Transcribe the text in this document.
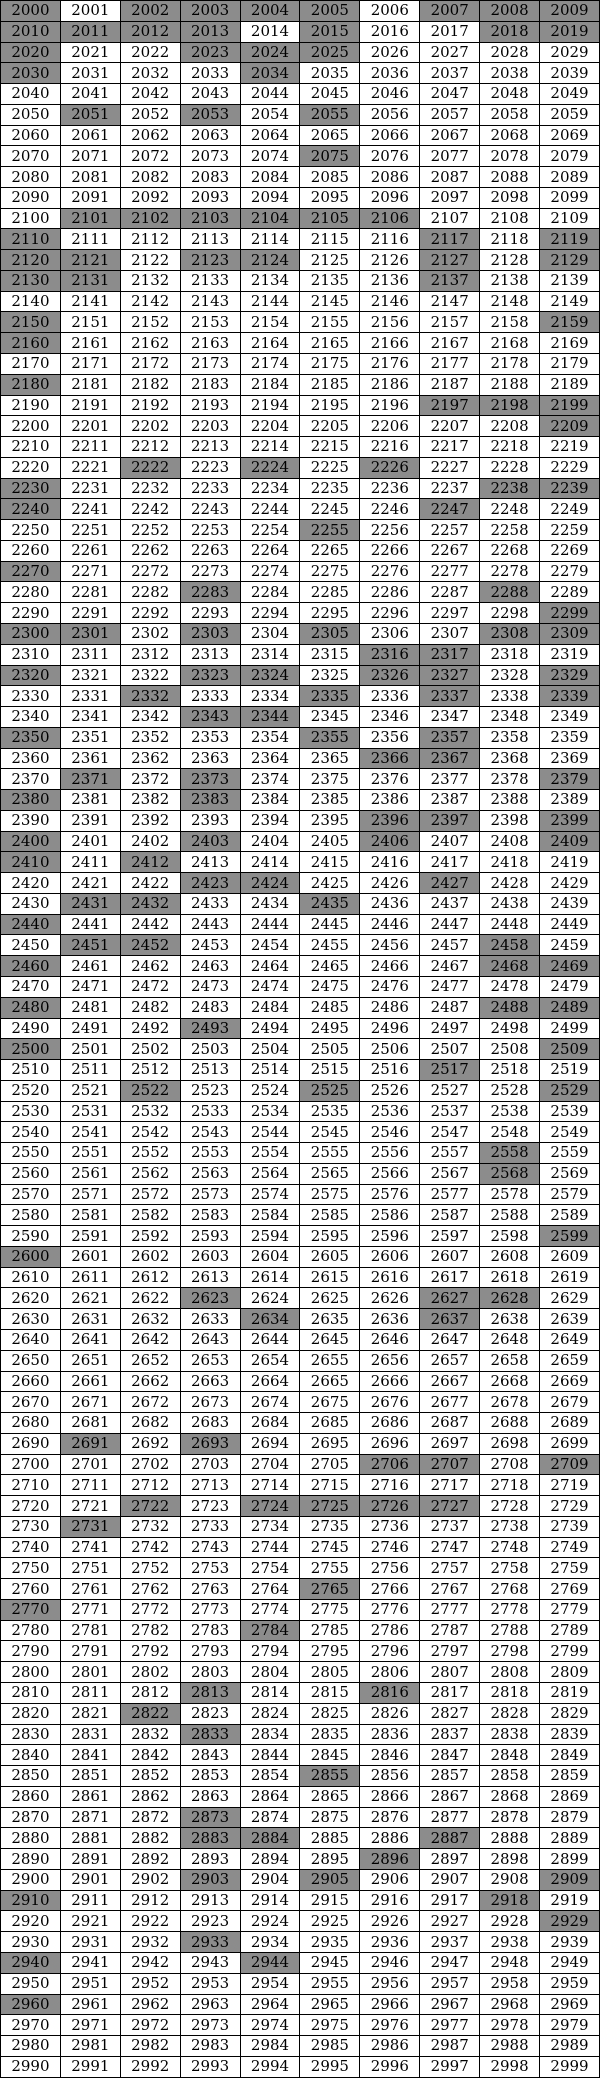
2000	2001	2002	2003	2004	2005	2006	2007	2008	2009
2010	2011	2012	2013	2014	2015	2016	2017	2018	2019
2020	2021	2022	2023	2024	2025	2026	2027	2028	2029
2030	2031	2032	2033	2034	2035	2036	2037	2038	2039
2040	2041	2042	2043	2044	2045	2046	2047	2048	2049
2050	2051	2052	2053	2054	2055	2056	2057	2058	2059
2060	2061	2062	2063	2064	2065	2066	2067	2068	2069
2070	2071	2072	2073	2074	2075	2076	2077	2078	2079
2080	2081	2082	2083	2084	2085	2086	2087	2088	2089
2090	2091	2092	2093	2094	2095	2096	2097	2098	2099
2100	2101	2102	2103	2104	2105	2106	2107	2108	2109
2110	2111	2112	2113	2114	2115	2116	2117	2118	2119
2120	2121	2122	2123	2124	2125	2126	2127	2128	2129
2130	2131	2132	2133	2134	2135	2136	2137	2138	2139
2140	2141	2142	2143	2144	2145	2146	2147	2148	2149
2150	2151	2152	2153	2154	2155	2156	2157	2158	2159
2160	2161	2162	2163	2164	2165	2166	2167	2168	2169
2170	2171	2172	2173	2174	2175	2176	2177	2178	2179
2180	2181	2182	2183	2184	2185	2186	2187	2188	2189
2190	2191	2192	2193	2194	2195	2196	2197	2198	2199
2200	2201	2202	2203	2204	2205	2206	2207	2208	2209
2210	2211	2212	2213	2214	2215	2216	2217	2218	2219
2220	2221	2222	2223	2224	2225	2226	2227	2228	2229
2230	2231	2232	2233	2234	2235	2236	2237	2238	2239
2240	2241	2242	2243	2244	2245	2246	2247	2248	2249
2250	2251	2252	2253	2254	2255	2256	2257	2258	2259
2260	2261	2262	2263	2264	2265	2266	2267	2268	2269
2270	2271	2272	2273	2274	2275	2276	2277	2278	2279
2280	2281	2282	2283	2284	2285	2286	2287	2288	2289
2290	2291	2292	2293	2294	2295	2296	2297	2298	2299
2300	2301	2302	2303	2304	2305	2306	2307	2308	2309
2310	2311	2312	2313	2314	2315	2316	2317	2318	2319
2320	2321	2322	2323	2324	2325	2326	2327	2328	2329
2330	2331	2332	2333	2334	2335	2336	2337	2338	2339
2340	2341	2342	2343	2344	2345	2346	2347	2348	2349
2350	2351	2352	2353	2354	2355	2356	2357	2358	2359
2360	2361	2362	2363	2364	2365	2366	2367	2368	2369
2370	2371	2372	2373	2374	2375	2376	2377	2378	2379
2380	2381	2382	2383	2384	2385	2386	2387	2388	2389
2390	2391	2392	2393	2394	2395	2396	2397	2398	2399
2400	2401	2402	2403	2404	2405	2406	2407	2408	2409
2410	2411	2412	2413	2414	2415	2416	2417	2418	2419
2420	2421	2422	2423	2424	2425	2426	2427	2428	2429
2430	2431	2432	2433	2434	2435	2436	2437	2438	2439
2440	2441	2442	2443	2444	2445	2446	2447	2448	2449
2450	2451	2452	2453	2454	2455	2456	2457	2458	2459
2460	2461	2462	2463	2464	2465	2466	2467	2468	2469
2470	2471	2472	2473	2474	2475	2476	2477	2478	2479
2480	2481	2482	2483	2484	2485	2486	2487	2488	2489
2490	2491	2492	2493	2494	2495	2496	2497	2498	2499
2500	2501	2502	2503	2504	2505	2506	2507	2508	2509
2510	2511	2512	2513	2514	2515	2516	2517	2518	2519
2520	2521	2522	2523	2524	2525	2526	2527	2528	2529
2530	2531	2532	2533	2534	2535	2536	2537	2538	2539
2540	2541	2542	2543	2544	2545	2546	2547	2548	2549
2550	2551	2552	2553	2554	2555	2556	2557	2558	2559
2560	2561	2562	2563	2564	2565	2566	2567	2568	2569
2570	2571	2572	2573	2574	2575	2576	2577	2578	2579
2580	2581	2582	2583	2584	2585	2586	2587	2588	2589
2590	2591	2592	2593	2594	2595	2596	2597	2598	2599
2600	2601	2602	2603	2604	2605	2606	2607	2608	2609
2610	2611	2612	2613	2614	2615	2616	2617	2618	2619
2620	2621	2622	2623	2624	2625	2626	2627	2628	2629
2630	2631	2632	2633	2634	2635	2636	2637	2638	2639
2640	2641	2642	2643	2644	2645	2646	2647	2648	2649
2650	2651	2652	2653	2654	2655	2656	2657	2658	2659
2660	2661	2662	2663	2664	2665	2666	2667	2668	2669
2670	2671	2672	2673	2674	2675	2676	2677	2678	2679
2680	2681	2682	2683	2684	2685	2686	2687	2688	2689
2690	2691	2692	2693	2694	2695	2696	2697	2698	2699
2700	2701	2702	2703	2704	2705	2706	2707	2708	2709
2710	2711	2712	2713	2714	2715	2716	2717	2718	2719
2720	2721	2722	2723	2724	2725	2726	2727	2728	2729
2730	2731	2732	2733	2734	2735	2736	2737	2738	2739
2740	2741	2742	2743	2744	2745	2746	2747	2748	2749
2750	2751	2752	2753	2754	2755	2756	2757	2758	2759
2760	2761	2762	2763	2764	2765	2766	2767	2768	2769
2770	2771	2772	2773	2774	2775	2776	2777	2778	2779
2780	2781	2782	2783	2784	2785	2786	2787	2788	2789
2790	2791	2792	2793	2794	2795	2796	2797	2798	2799
2800	2801	2802	2803	2804	2805	2806	2807	2808	2809
2810	2811	2812	2813	2814	2815	2816	2817	2818	2819
2820	2821	2822	2823	2824	2825	2826	2827	2828	2829
2830	2831	2832	2833	2834	2835	2836	2837	2838	2839
2840	2841	2842	2843	2844	2845	2846	2847	2848	2849
2850	2851	2852	2853	2854	2855	2856	2857	2858	2859
2860	2861	2862	2863	2864	2865	2866	2867	2868	2869
2870	2871	2872	2873	2874	2875	2876	2877	2878	2879
2880	2881	2882	2883	2884	2885	2886	2887	2888	2889
2890	2891	2892	2893	2894	2895	2896	2897	2898	2899
2900	2901	2902	2903	2904	2905	2906	2907	2908	2909
2910	2911	2912	2913	2914	2915	2916	2917	2918	2919
2920	2921	2922	2923	2924	2925	2926	2927	2928	2929
2930	2931	2932	2933	2934	2935	2936	2937	2938	2939
2940	2941	2942	2943	2944	2945	2946	2947	2948	2949
2950	2951	2952	2953	2954	2955	2956	2957	2958	2959
2960	2961	2962	2963	2964	2965	2966	2967	2968	2969
2970	2971	2972	2973	2974	2975	2976	2977	2978	2979
2980	2981	2982	2983	2984	2985	2986	2987	2988	2989
2990	2991	2992	2993	2994	2995	2996	2997	2998	2999
